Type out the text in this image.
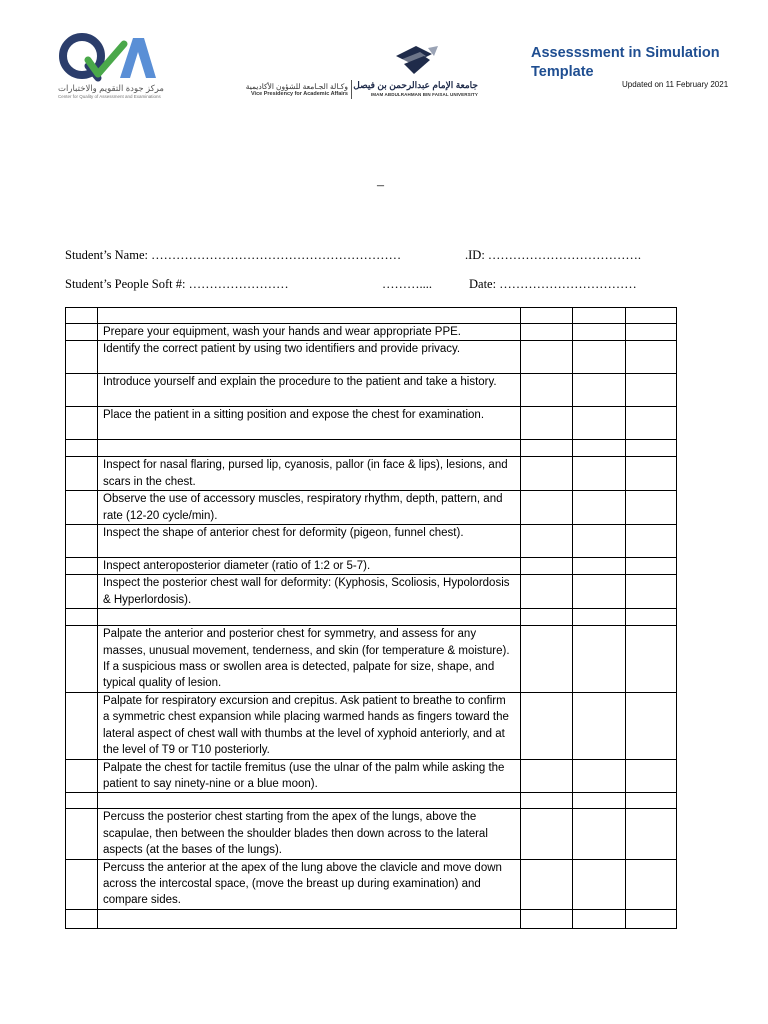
مركز جودة التقويم والاختبارات
Center for Quality of Assessment and Examinations
وكـالة الجـامعة للشؤون الأكاديمية جامعة الإمام عبدالرحمن بن فيصل
Vice Presidency for Academic Affairs	IMAM ABDULRAHMAN BIN FAISAL UNIVERSITY
Assesssment in Simulation
Template
Updated on 11 February 2021
–
Student’s Name: ……………………………………………………	.ID: ……………………………….
Student’s People Soft #: ……………………	………....	Date: ……………………………

	Prepare your equipment, wash your hands and wear appropriate PPE.			
	Identify the correct patient by using two identifiers and provide privacy.			
	Introduce yourself and explain the procedure to the patient and take a history.			
	Place the patient in a sitting position and expose the chest for examination.			

	Inspect for nasal flaring, pursed lip, cyanosis, pallor (in face & lips), lesions, and scars in the chest.			
	Observe the use of accessory muscles, respiratory rhythm, depth, pattern, and rate (12-20 cycle/min).			
	Inspect the shape of anterior chest for deformity (pigeon, funnel chest).			
	Inspect anteroposterior diameter (ratio of 1:2 or 5-7).			
	Inspect the posterior chest wall for deformity: (Kyphosis, Scoliosis, Hypolordosis & Hyperlordosis).			

	Palpate the anterior and posterior chest for symmetry, and assess for any masses, unusual movement, tenderness, and skin (for temperature & moisture). If a suspicious mass or swollen area is detected, palpate for size, shape, and typical quality of lesion.			
	Palpate for respiratory excursion and crepitus. Ask patient to breathe to confirm a symmetric chest expansion while placing warmed hands as fingers toward the lateral aspect of chest wall with thumbs at the level of xyphoid anteriorly, and at the level of T9 or T10 posteriorly.			
	Palpate the chest for tactile fremitus (use the ulnar of the palm while asking the patient to say ninety-nine or a blue moon).			

	Percuss the posterior chest starting from the apex of the lungs, above the scapulae, then between the shoulder blades then down across to the lateral aspects (at the bases of the lungs).			
	Percuss the anterior at the apex of the lung above the clavicle and move down across the intercostal space, (move the breast up during examination) and compare sides.			
